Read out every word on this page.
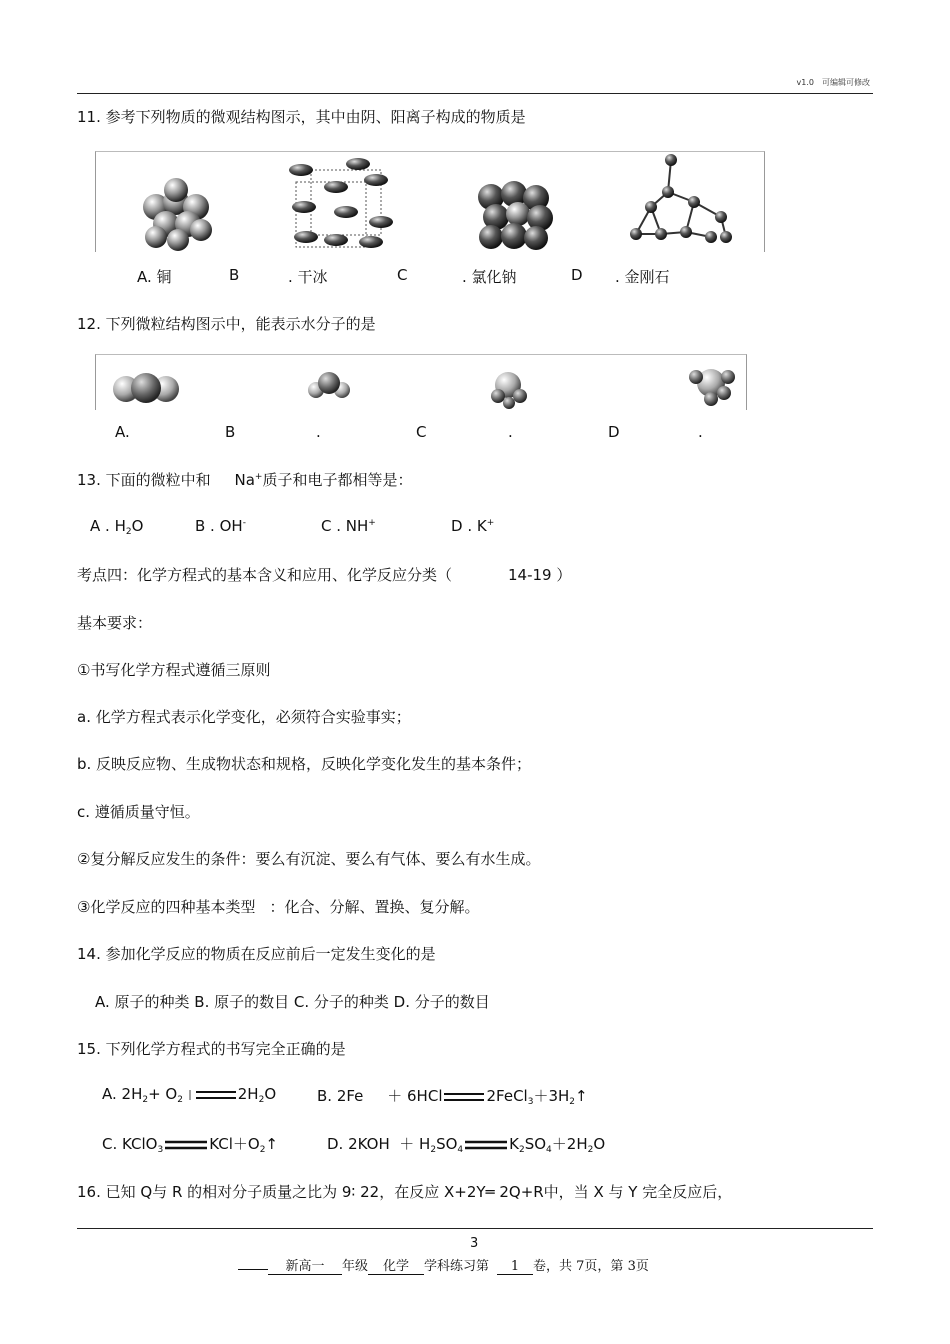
v1.0　可编辑可修改
11. 参考下列物质的微观结构图示，其中由阴、阳离子构成的物质是
A. 铜	B	. 干冰	C	. 氯化钠	D . 金刚石
12. 下列微粒结构图示中，能表示水分子的是
A.	B	.	C	.	D	.
13. 下面的微粒中和 Na+质子和电子都相等是：
A . $H_2O$	B . OH-	C . NH+	D . K+
考点四：化学方程式的基本含义和应用、化学反应分类（	14-19 ）
基本要求：
①书写化学方程式遵循三原则
a. 化学方程式表示化学变化，必须符合实验事实；
b. 反映反应物、生成物状态和规格，反映化学变化发生的基本条件；
c. 遵循质量守恒。
②复分解反应发生的条件：要么有沉淀、要么有气体、要么有水生成。
③化学反应的四种基本类型 ：化合、分解、置换、复分解。
14. 参加化学反应的物质在反应前后一定发生变化的是
A. 原子的种类 B. 原子的数目 C. 分子的种类 D. 分子的数目
15. 下列化学方程式的书写完全正确的是
A. $2H_2+ O_2$	$2H_2O$	B. 2Fe ＋ 6HCl	$2FeCl_3+3H_2↑$
C. KClO$_3$	$KCl+O_2↑$	D. $2KOH + H_2SO_4$	$K_2SO_4+2H_2O$
16. 已知 Q与 R 的相对分子质量之比为 9∶ 22，在反应 X+2Y═ 2Q+R中，当 X 与 Y 完全反应后，
3
新高一 年级 化学 学科练习第 1 卷，共 7页，第 3页
